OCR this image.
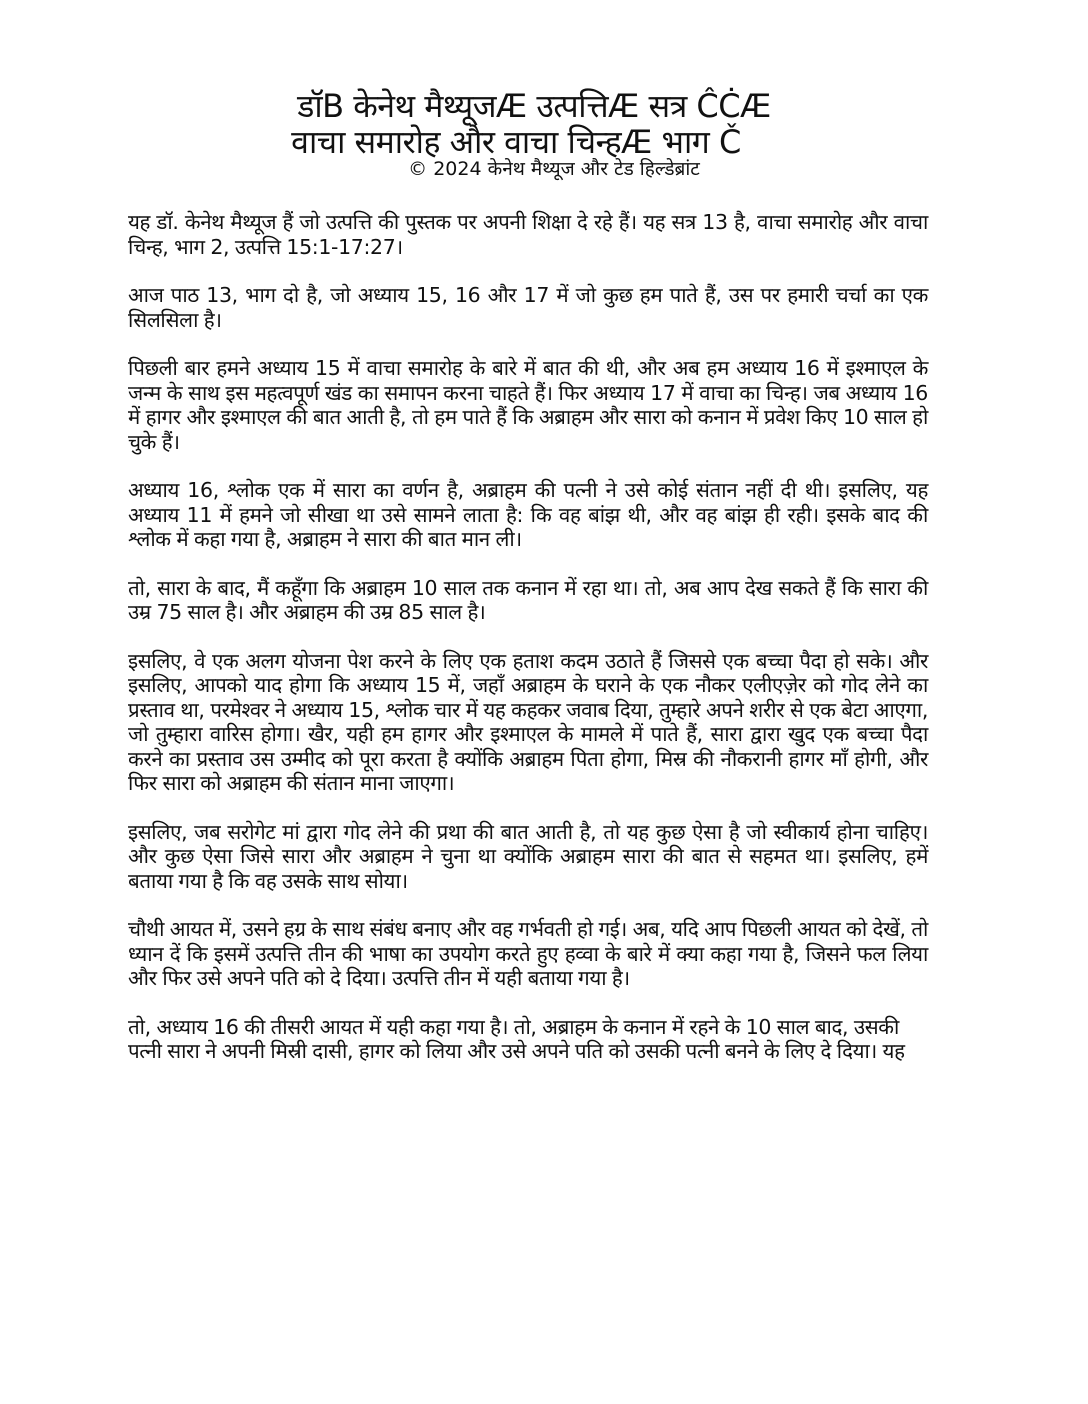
डॉB केनेथ मैथ्यूजÆ उत्पत्तिÆ सत्र ĈĊÆ
वाचा समारोह और वाचा चिन्हÆ भाग Č
© 2024 केनेथ मैथ्यूज और टेड हिल्डेब्रांट

यह डॉ. केनेथ मैथ्यूज हैं जो उत्पत्ति की पुस्तक पर अपनी शिक्षा दे रहे हैं। यह सत्र 13 है, वाचा समारोह और वाचा चिन्ह, भाग 2, उत्पत्ति 15:1-17:27।

आज पाठ 13, भाग दो है, जो अध्याय 15, 16 और 17 में जो कुछ हम पाते हैं, उस पर हमारी चर्चा का एक सिलसिला है।

पिछली बार हमने अध्याय 15 में वाचा समारोह के बारे में बात की थी, और अब हम अध्याय 16 में इश्माएल के जन्म के साथ इस महत्वपूर्ण खंड का समापन करना चाहते हैं। फिर अध्याय 17 में वाचा का चिन्ह। जब अध्याय 16 में हागर और इश्माएल की बात आती है, तो हम पाते हैं कि अब्राहम और सारा को कनान में प्रवेश किए 10 साल हो चुके हैं।

अध्याय 16, श्लोक एक में सारा का वर्णन है, अब्राहम की पत्नी ने उसे कोई संतान नहीं दी थी। इसलिए, यह अध्याय 11 में हमने जो सीखा था उसे सामने लाता है: कि वह बांझ थी, और वह बांझ ही रही। इसके बाद की श्लोक में कहा गया है, अब्राहम ने सारा की बात मान ली।

तो, सारा के बाद, मैं कहूँगा कि अब्राहम 10 साल तक कनान में रहा था। तो, अब आप देख सकते हैं कि सारा की उम्र 75 साल है। और अब्राहम की उम्र 85 साल है।

इसलिए, वे एक अलग योजना पेश करने के लिए एक हताश कदम उठाते हैं जिससे एक बच्चा पैदा हो सके। और इसलिए, आपको याद होगा कि अध्याय 15 में, जहाँ अब्राहम के घराने के एक नौकर एलीएज़ेर को गोद लेने का प्रस्ताव था, परमेश्वर ने अध्याय 15, श्लोक चार में यह कहकर जवाब दिया, तुम्हारे अपने शरीर से एक बेटा आएगा, जो तुम्हारा वारिस होगा। खैर, यही हम हागर और इश्माएल के मामले में पाते हैं, सारा द्वारा खुद एक बच्चा पैदा करने का प्रस्ताव उस उम्मीद को पूरा करता है क्योंकि अब्राहम पिता होगा, मिस्र की नौकरानी हागर माँ होगी, और फिर सारा को अब्राहम की संतान माना जाएगा।

इसलिए, जब सरोगेट मां द्वारा गोद लेने की प्रथा की बात आती है, तो यह कुछ ऐसा है जो स्वीकार्य होना चाहिए। और कुछ ऐसा जिसे सारा और अब्राहम ने चुना था क्योंकि अब्राहम सारा की बात से सहमत था। इसलिए, हमें बताया गया है कि वह उसके साथ सोया।

चौथी आयत में, उसने हग्र के साथ संबंध बनाए और वह गर्भवती हो गई। अब, यदि आप पिछली आयत को देखें, तो ध्यान दें कि इसमें उत्पत्ति तीन की भाषा का उपयोग करते हुए हव्वा के बारे में क्या कहा गया है, जिसने फल लिया और फिर उसे अपने पति को दे दिया। उत्पत्ति तीन में यही बताया गया है।

तो, अध्याय 16 की तीसरी आयत में यही कहा गया है। तो, अब्राहम के कनान में रहने के 10 साल बाद, उसकी पत्नी सारा ने अपनी मिस्री दासी, हागर को लिया और उसे अपने पति को उसकी पत्नी बनने के लिए दे दिया। यह
